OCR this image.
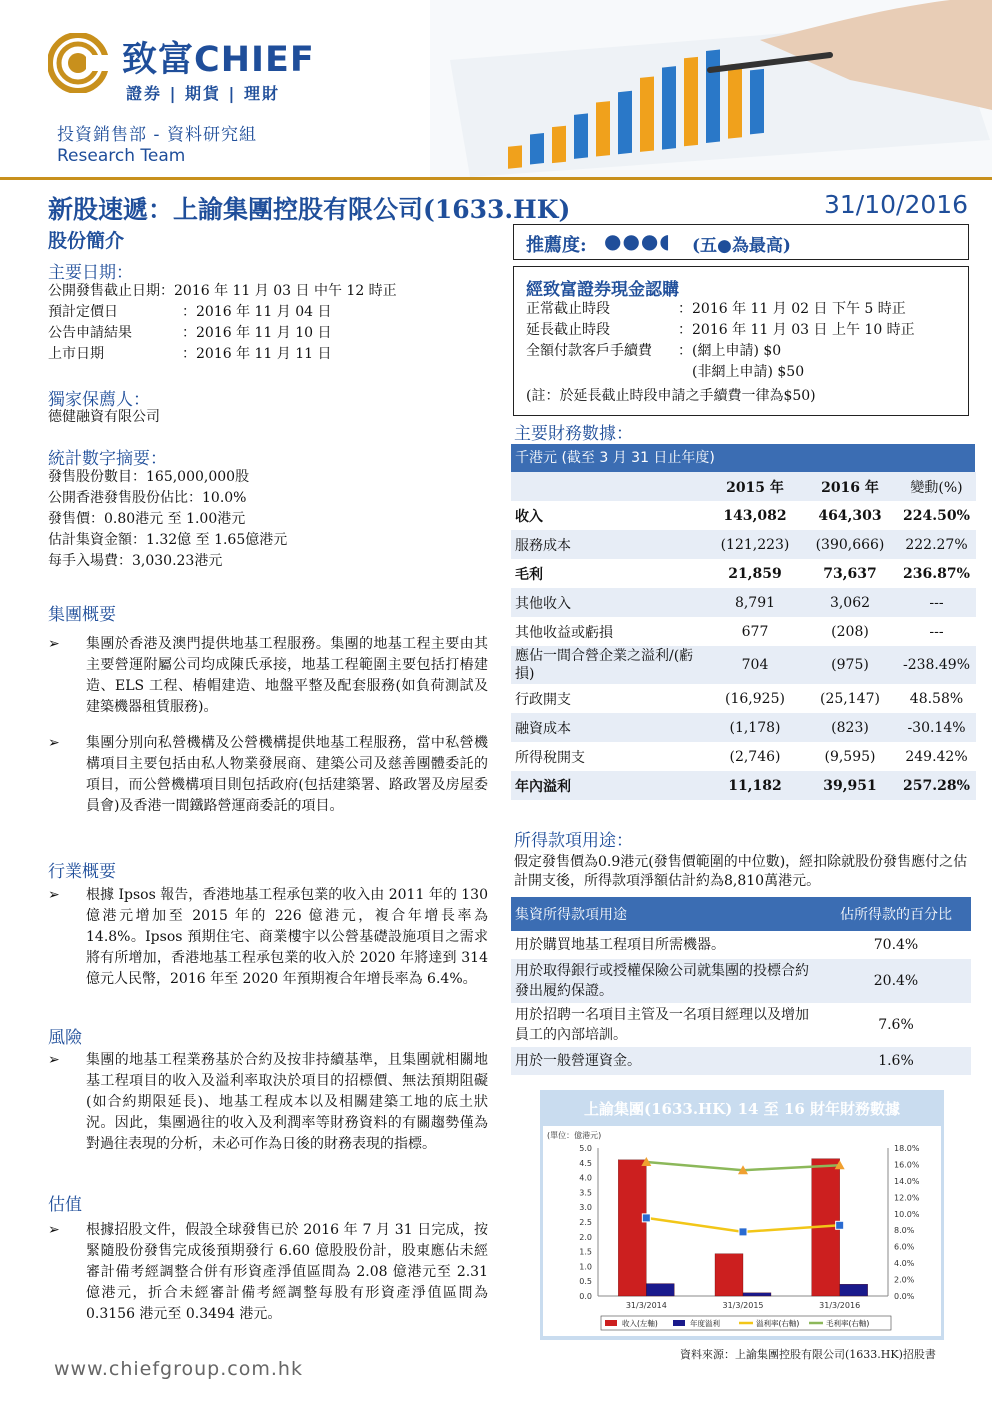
致富CHIEF
證券 | 期貨 | 理財
投資銷售部 - 資料研究組
Research Team
新股速遞：上諭集團控股有限公司(1633.HK)	31/10/2016
股份簡介
主要日期：
公開發售截止日期： 2016 年 11 月 03 日 中午 12 時正
預計定價日	：2016 年 11 月 04 日
公告申請結果	：2016 年 11 月 10 日
上市日期	：2016 年 11 月 11 日
獨家保薦人：
德健融資有限公司
統計數字摘要：
發售股份數目：165,000,000股
公開香港發售股份佔比：10.0%
發售價：0.80港元 至 1.00港元
估計集資金額：1.32億 至 1.65億港元
每手入場費：3,030.23港元
集團概要
➢ 集團於香港及澳門提供地基工程服務。集團的地基工程主要由其主要營運附屬公司均成陳氏承接，地基工程範圍主要包括打樁建造、ELS 工程、樁帽建造、地盤平整及配套服務(如負荷測試及建築機器租賃服務)。
➢ 集團分別向私營機構及公營機構提供地基工程服務，當中私營機構項目主要包括由私人物業發展商、建築公司及慈善團體委託的項目，而公營機構項目則包括政府(包括建築署、路政署及房屋委員會)及香港一間鐵路營運商委託的項目。
行業概要
➢ 根據 Ipsos 報告，香港地基工程承包業的收入由 2011 年的 130 億港元增加至 2015 年的 226 億港元，複合年增長率為 14.8%。Ipsos 預期住宅、商業樓宇以公營基礎設施項目之需求將有所增加，香港地基工程承包業的收入於 2020 年將達到 314 億元人民幣，2016 年至 2020 年預期複合年增長率為 6.4%。
風險
➢ 集團的地基工程業務基於合約及按非持續基準，且集團就相關地基工程項目的收入及溢利率取決於項目的招標價、無法預期阻礙(如合約期限延長)、地基工程成本以及相關建築工地的底土狀況。因此，集團過往的收入及利潤率等財務資料的有關趨勢僅為對過往表現的分析，未必可作為日後的財務表現的指標。
估值
➢ 根據招股文件，假設全球發售已於 2016 年 7 月 31 日完成，按緊隨股份發售完成後預期發行 6.60 億股股份計，股東應佔未經審計備考經調整合併有形資產淨值區間為 2.08 億港元至 2.31 億港元，折合未經審計備考經調整每股有形資產淨值區間為 0.3156 港元至 0.3494 港元。
www.chiefgroup.com.hk
推薦度: ●●●◖ (五●為最高)
經致富證券現金認購
正常截止時段	：2016 年 11 月 02 日 下午 5 時正
延長截止時段	：2016 年 11 月 03 日 上午 10 時正
全額付款客戶手續費	：(網上申請) $0
(非網上申請) $50
(註：於延長截止時段申請之手續費一律為$50)
主要財務數據：
千港元 (截至 3 月 31 日止年度)
	2015 年	2016 年	變動(%)
收入	143,082	464,303	224.50%
服務成本	(121,223)	(390,666)	222.27%
毛利	21,859	73,637	236.87%
其他收入	8,791	3,062	---
其他收益或虧損	677	(208)	---
應佔一間合營企業之溢利/(虧損)	704	(975)	-238.49%
行政開支	(16,925)	(25,147)	48.58%
融資成本	(1,178)	(823)	-30.14%
所得稅開支	(2,746)	(9,595)	249.42%
年內溢利	11,182	39,951	257.28%
所得款項用途：
假定發售價為0.9港元(發售價範圍的中位數)，經扣除就股份發售應付之估計開支後，所得款項淨額估計約為8,810萬港元。
集資所得款項用途	佔所得款的百分比
用於購買地基工程項目所需機器。	70.4%
用於取得銀行或授權保險公司就集團的投標合約發出履約保證。	20.4%
用於招聘一名項目主管及一名項目經理以及增加員工的內部培訓。	7.6%
用於一般營運資金。	1.6%
上諭集團(1633.HK) 14 至 16 財年財務數據
(單位：億港元)
0.0
0.5
1.0
1.5
2.0
2.5
3.0
3.5
4.0
4.5
5.0
0.0%
2.0%
4.0%
6.0%
8.0%
10.0%
12.0%
14.0%
16.0%
18.0%
31/3/2014	31/3/2015	31/3/2016
收入(左軸)	年度溢利	溢利率(右軸)	毛利率(右軸)
資料來源：上諭集團控股有限公司(1633.HK)招股書
